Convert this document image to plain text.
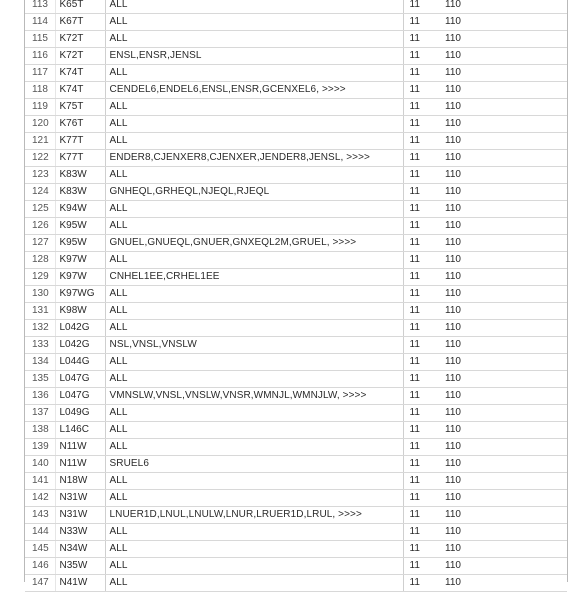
113	K65T	ALL	11	110
114	K67T	ALL	11	110
115	K72T	ALL	11	110
116	K72T	ENSL,ENSR,JENSL	11	110
117	K74T	ALL	11	110
118	K74T	CENDEL6,ENDEL6,ENSL,ENSR,GCENXEL6, >>>>	11	110
119	K75T	ALL	11	110
120	K76T	ALL	11	110
121	K77T	ALL	11	110
122	K77T	ENDER8,CJENXER8,CJENXER,JENDER8,JENSL, >>>>	11	110
123	K83W	ALL	11	110
124	K83W	GNHEQL,GRHEQL,NJEQL,RJEQL	11	110
125	K94W	ALL	11	110
126	K95W	ALL	11	110
127	K95W	GNUEL,GNUEQL,GNUER,GNXEQL2M,GRUEL, >>>>	11	110
128	K97W	ALL	11	110
129	K97W	CNHEL1EE,CRHEL1EE	11	110
130	K97WG	ALL	11	110
131	K98W	ALL	11	110
132	L042G	ALL	11	110
133	L042G	NSL,VNSL,VNSLW	11	110
134	L044G	ALL	11	110
135	L047G	ALL	11	110
136	L047G	VMNSLW,VNSL,VNSLW,VNSR,WMNJL,WMNJLW, >>>>	11	110
137	L049G	ALL	11	110
138	L146C	ALL	11	110
139	N11W	ALL	11	110
140	N11W	SRUEL6	11	110
141	N18W	ALL	11	110
142	N31W	ALL	11	110
143	N31W	LNUER1D,LNUL,LNULW,LNUR,LRUER1D,LRUL, >>>>	11	110
144	N33W	ALL	11	110
145	N34W	ALL	11	110
146	N35W	ALL	11	110
147	N41W	ALL	11	110
